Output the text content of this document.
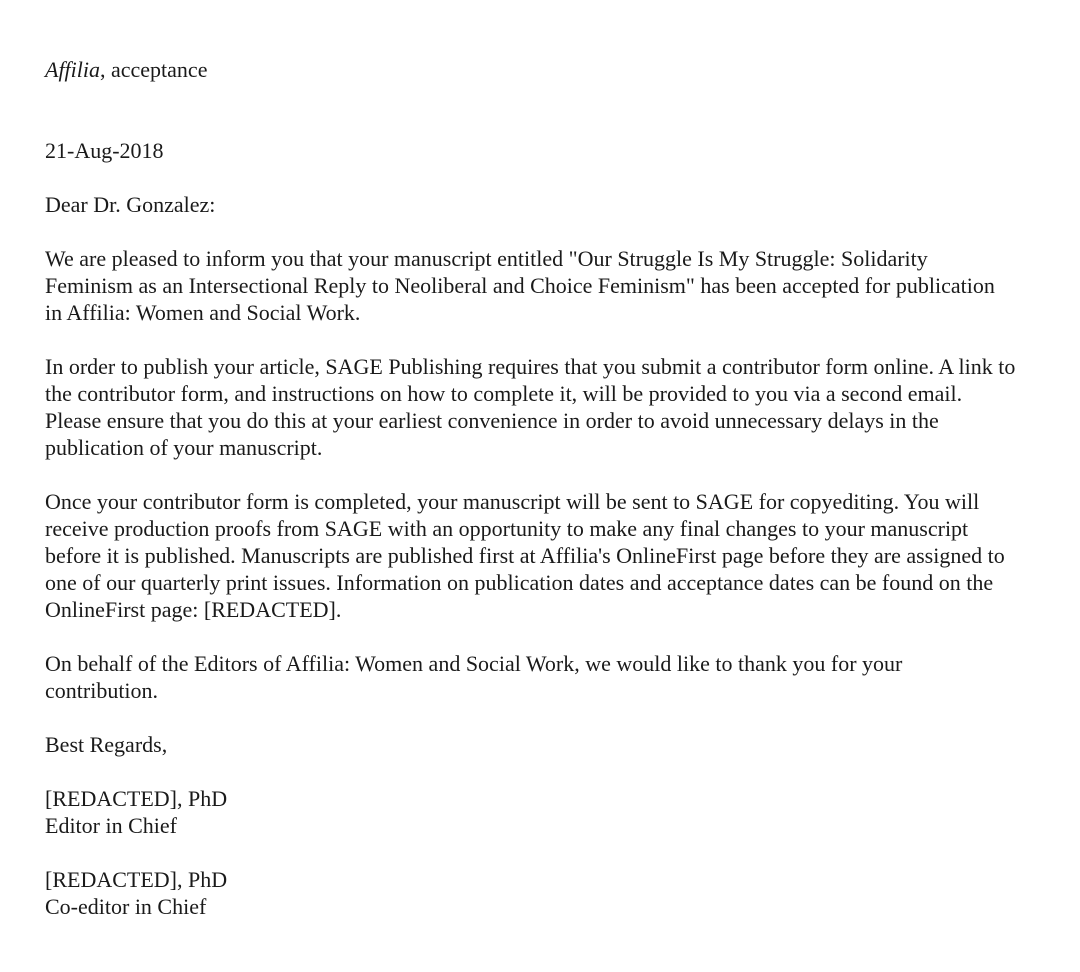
Affilia, acceptance

21-Aug-2018

Dear Dr. Gonzalez:

We are pleased to inform you that your manuscript entitled "Our Struggle Is My Struggle: Solidarity Feminism as an Intersectional Reply to Neoliberal and Choice Feminism" has been accepted for publication in Affilia: Women and Social Work.

In order to publish your article, SAGE Publishing requires that you submit a contributor form online. A link to the contributor form, and instructions on how to complete it, will be provided to you via a second email. Please ensure that you do this at your earliest convenience in order to avoid unnecessary delays in the publication of your manuscript.

Once your contributor form is completed, your manuscript will be sent to SAGE for copyediting. You will receive production proofs from SAGE with an opportunity to make any final changes to your manuscript before it is published. Manuscripts are published first at Affilia's OnlineFirst page before they are assigned to one of our quarterly print issues. Information on publication dates and acceptance dates can be found on the OnlineFirst page: [REDACTED].

On behalf of the Editors of Affilia: Women and Social Work, we would like to thank you for your contribution.

Best Regards,

[REDACTED], PhD
Editor in Chief
[REDACTED], PhD
Co-editor in Chief
